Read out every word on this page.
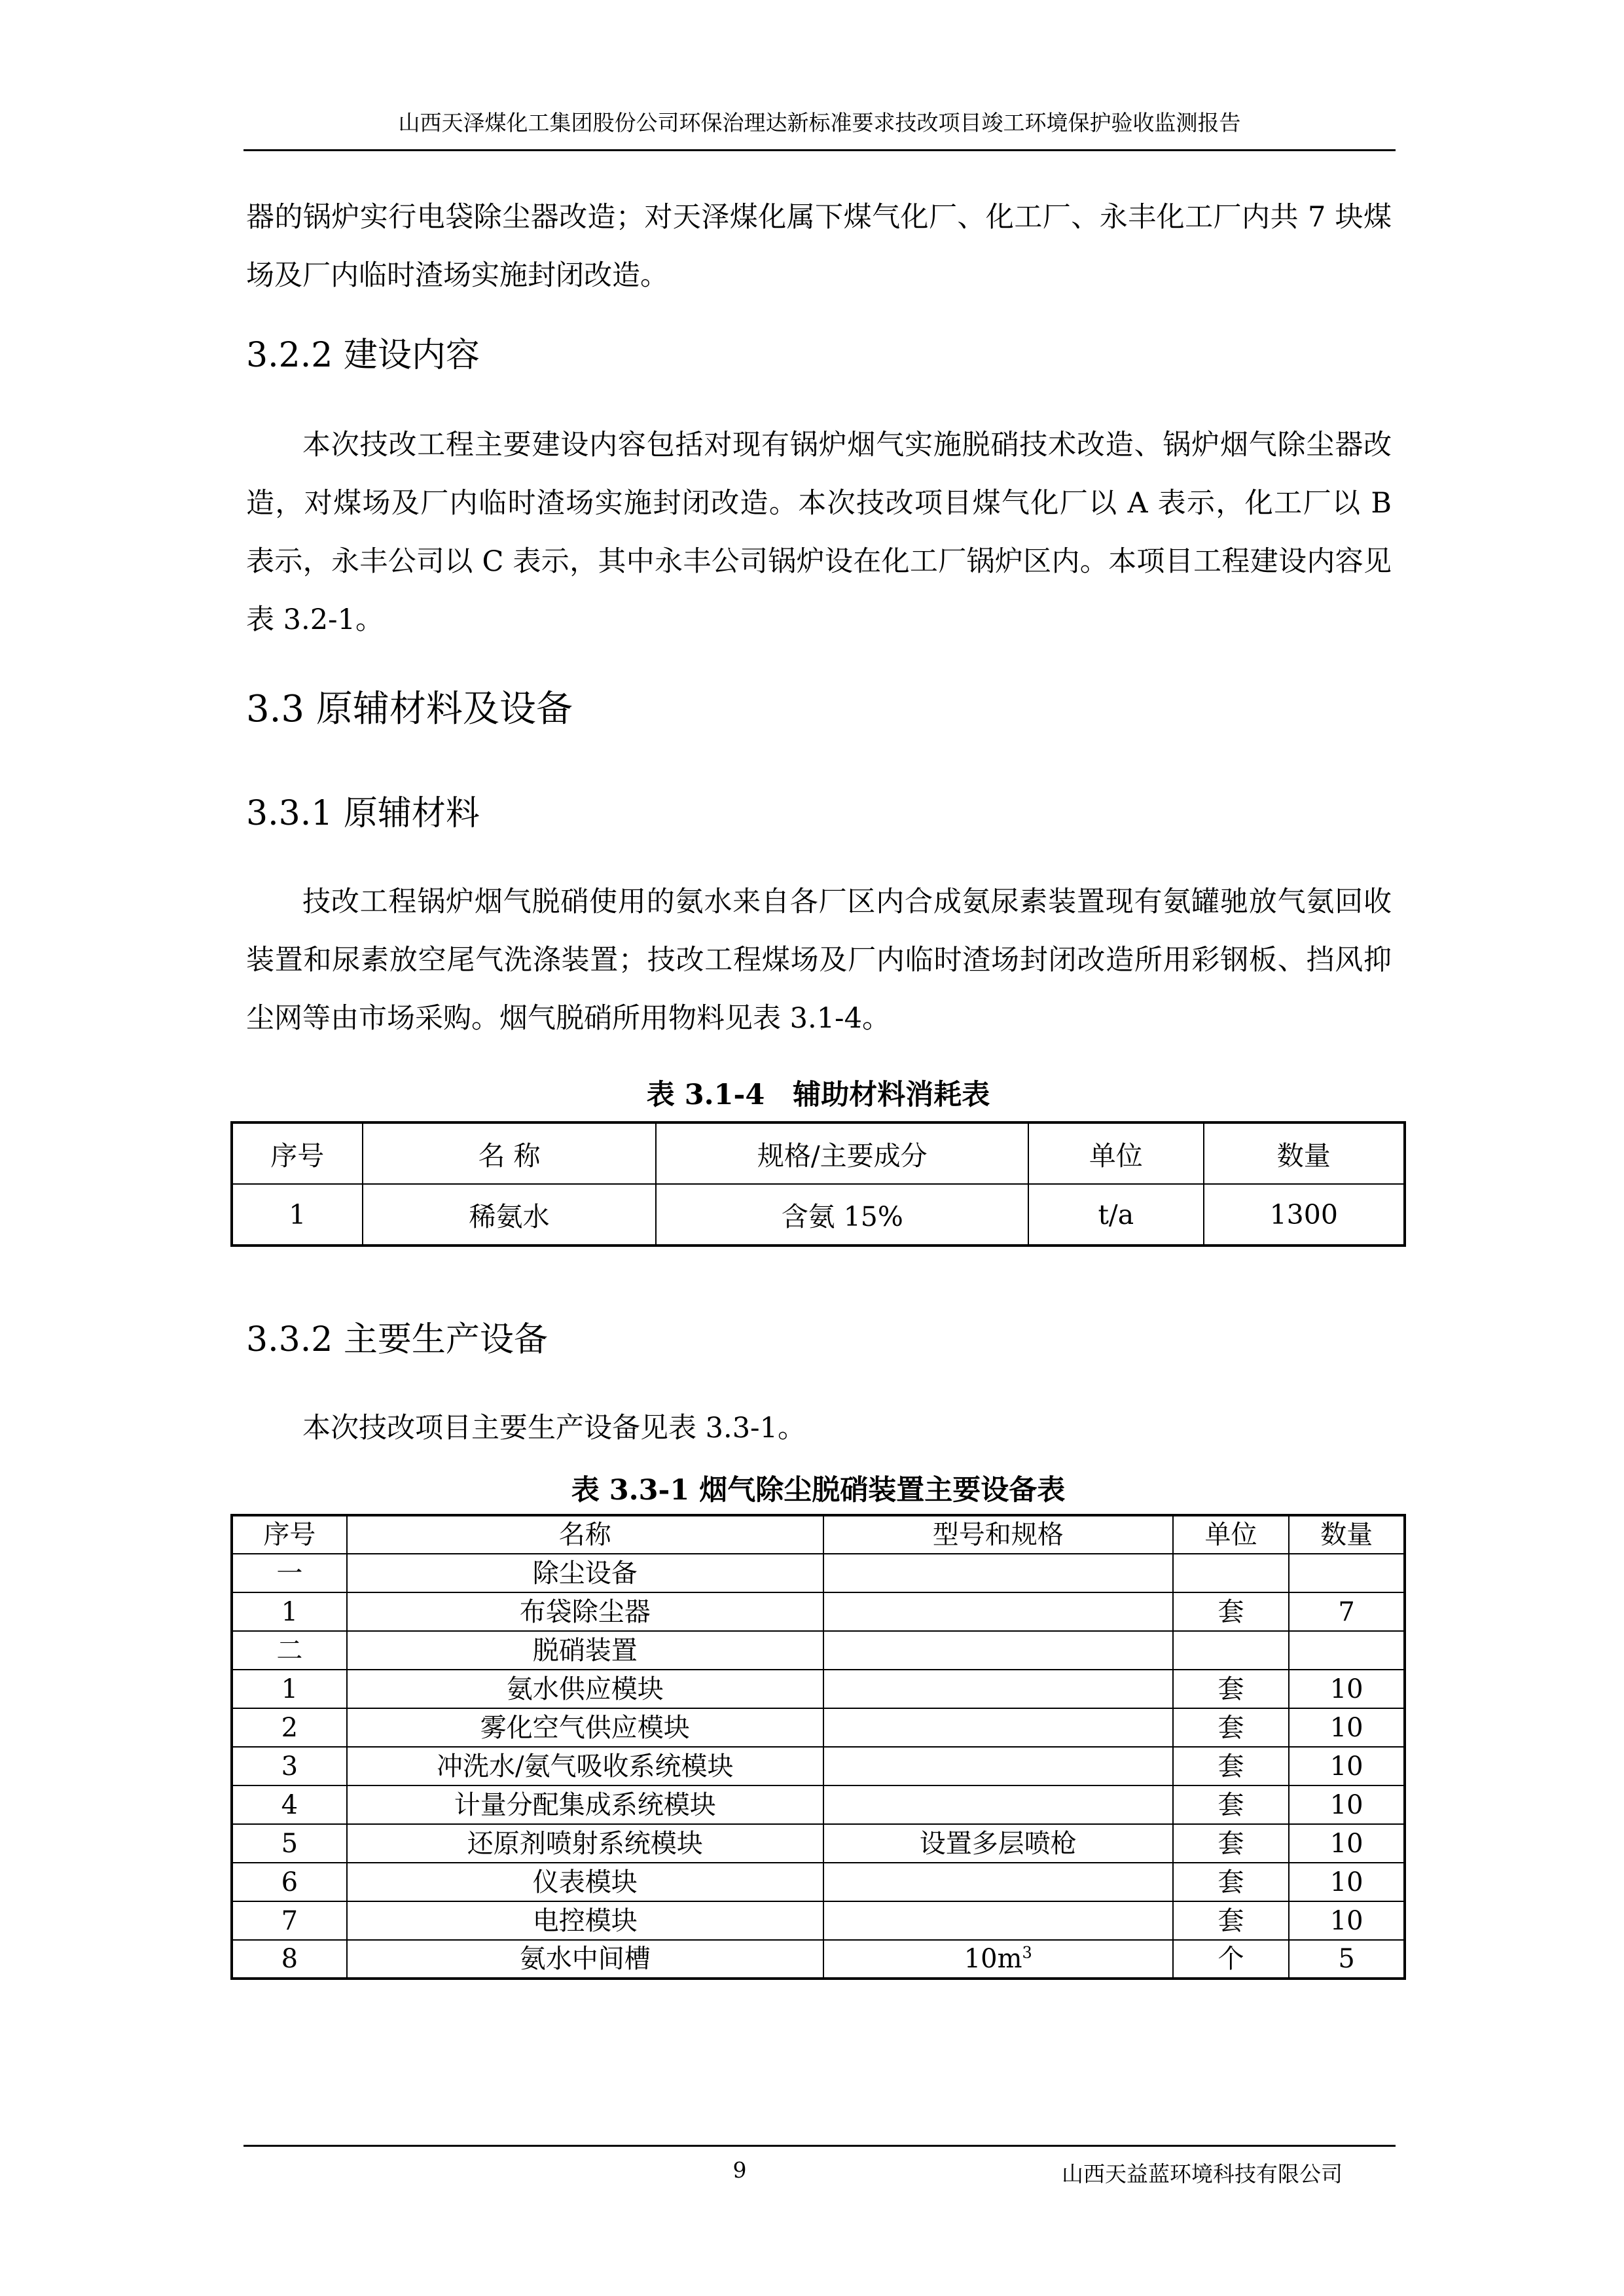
山西天泽煤化工集团股份公司环保治理达新标准要求技改项目竣工环境保护验收监测报告

器的锅炉实行电袋除尘器改造；对天泽煤化属下煤气化厂、化工厂、永丰化工厂内共 7 块煤场及厂内临时渣场实施封闭改造。

3.2.2 建设内容

本次技改工程主要建设内容包括对现有锅炉烟气实施脱硝技术改造、锅炉烟气除尘器改造，对煤场及厂内临时渣场实施封闭改造。本次技改项目煤气化厂以 A 表示，化工厂以 B 表示，永丰公司以 C 表示，其中永丰公司锅炉设在化工厂锅炉区内。本项目工程建设内容见表 3.2-1。

3.3 原辅材料及设备
3.3.1 原辅材料

技改工程锅炉烟气脱硝使用的氨水来自各厂区内合成氨尿素装置现有氨罐驰放气氨回收装置和尿素放空尾气洗涤装置；技改工程煤场及厂内临时渣场封闭改造所用彩钢板、挡风抑尘网等由市场采购。烟气脱硝所用物料见表 3.1-4。

表 3.1-4　辅助材料消耗表
序号	名 称	规格/主要成分	单位	数量
1	稀氨水	含氨 15%	t/a	1300
3.3.2 主要生产设备

本次技改项目主要生产设备见表 3.3-1。

表 3.3-1 烟气除尘脱硝装置主要设备表
序号	名称	型号和规格	单位	数量
一	除尘设备			
1	布袋除尘器		套	7
二	脱硝装置			
1	氨水供应模块		套	10
2	雾化空气供应模块		套	10
3	冲洗水/氨气吸收系统模块		套	10
4	计量分配集成系统模块		套	10
5	还原剂喷射系统模块	设置多层喷枪	套	10
6	仪表模块		套	10
7	电控模块		套	10
8	氨水中间槽	$10m^3$	个	5
9	山西天益蓝环境科技有限公司
